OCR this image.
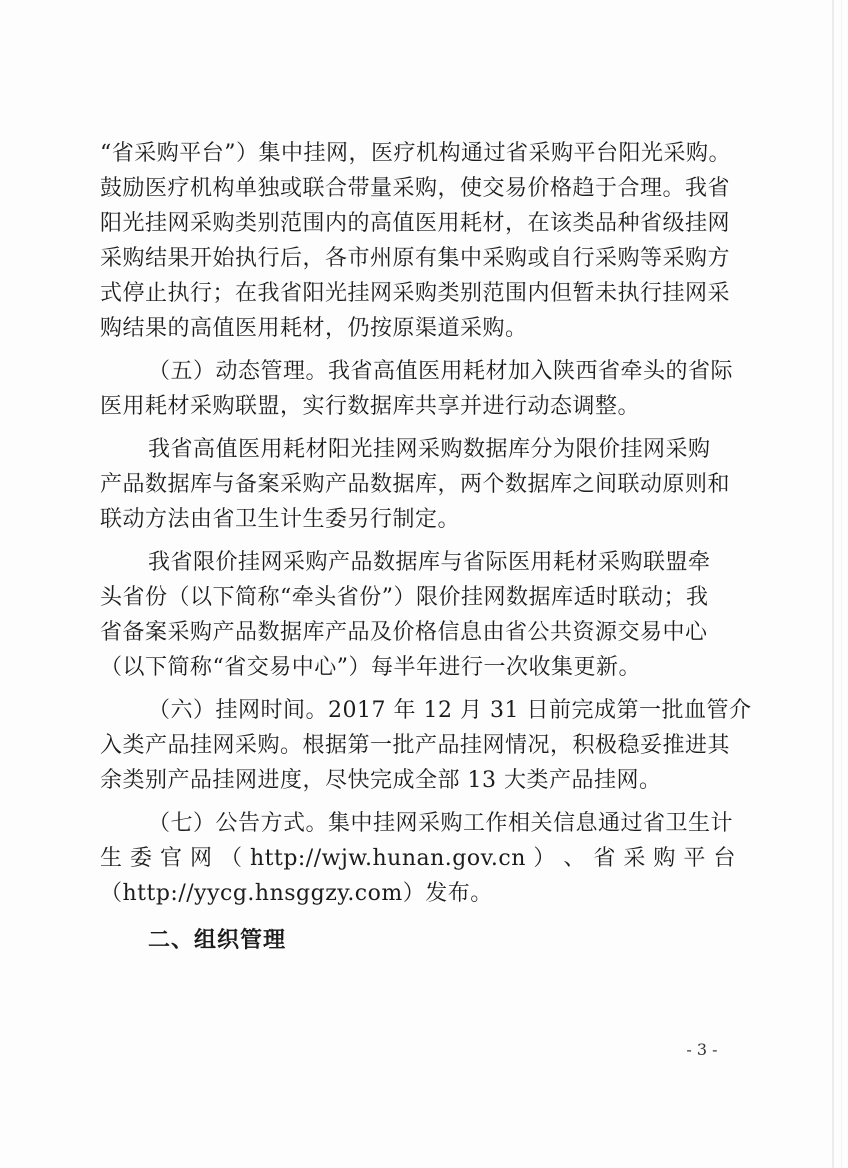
“省采购平台”）集中挂网，医疗机构通过省采购平台阳光采购。
鼓励医疗机构单独或联合带量采购，使交易价格趋于合理。我省
阳光挂网采购类别范围内的高值医用耗材，在该类品种省级挂网
采购结果开始执行后，各市州原有集中采购或自行采购等采购方
式停止执行；在我省阳光挂网采购类别范围内但暂未执行挂网采
购结果的高值医用耗材，仍按原渠道采购。

（五）动态管理。我省高值医用耗材加入陕西省牵头的省际
医用耗材采购联盟，实行数据库共享并进行动态调整。

我省高值医用耗材阳光挂网采购数据库分为限价挂网采购
产品数据库与备案采购产品数据库，两个数据库之间联动原则和
联动方法由省卫生计生委另行制定。

我省限价挂网采购产品数据库与省际医用耗材采购联盟牵
头省份（以下简称“牵头省份”）限价挂网数据库适时联动；我
省备案采购产品数据库产品及价格信息由省公共资源交易中心
（以下简称“省交易中心”）每半年进行一次收集更新。

（六）挂网时间。2017 年 12 月 31 日前完成第一批血管介
入类产品挂网采购。根据第一批产品挂网情况，积极稳妥推进其
余类别产品挂网进度，尽快完成全部 13 大类产品挂网。

（七）公告方式。集中挂网采购工作相关信息通过省卫生计
生 委 官 网 （ http://wjw.hunan.gov.cn ） 、 省 采 购 平 台
（http://yycg.hnsggzy.com）发布。

二、组织管理
- 3 -
